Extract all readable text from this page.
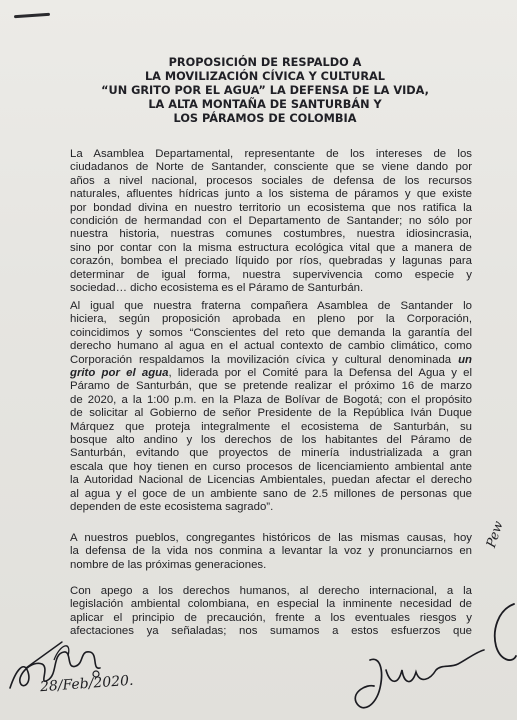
PROPOSICIÓN DE RESPALDO A
LA MOVILIZACIÓN CÍVICA Y CULTURAL
“UN GRITO POR EL AGUA” LA DEFENSA DE LA VIDA,
LA ALTA MONTAÑA DE SANTURBÁN Y
LOS PÁRAMOS DE COLOMBIA
La Asamblea Departamental, representante de los intereses de los
ciudadanos de Norte de Santander, consciente que se viene dando por
años a nivel nacional, procesos sociales de defensa de los recursos
naturales, afluentes hídricas junto a los sistema de páramos y que existe
por bondad divina en nuestro territorio un ecosistema que nos ratifica la
condición de hermandad con el Departamento de Santander; no sólo por
nuestra historia, nuestras comunes costumbres, nuestra idiosincrasia,
sino por contar con la misma estructura ecológica vital que a manera de
corazón, bombea el preciado líquido por ríos, quebradas y lagunas para
determinar de igual forma, nuestra supervivencia como especie y
sociedad… dicho ecosistema es el Páramo de Santurbán.
Al igual que nuestra fraterna compañera Asamblea de Santander lo
hiciera, según proposición aprobada en pleno por la Corporación,
coincidimos y somos “Conscientes del reto que demanda la garantía del
derecho humano al agua en el actual contexto de cambio climático, como
Corporación respaldamos la movilización cívica y cultural denominada un
grito por el agua, liderada por el Comité para la Defensa del Agua y el
Páramo de Santurbán, que se pretende realizar el próximo 16 de marzo
de 2020, a la 1:00 p.m. en la Plaza de Bolívar de Bogotá; con el propósito
de solicitar al Gobierno de señor Presidente de la República Iván Duque
Márquez que proteja integralmente el ecosistema de Santurbán, su
bosque alto andino y los derechos de los habitantes del Páramo de
Santurbán, evitando que proyectos de minería industrializada a gran
escala que hoy tienen en curso procesos de licenciamiento ambiental ante
la Autoridad Nacional de Licencias Ambientales, puedan afectar el derecho
al agua y el goce de un ambiente sano de 2.5 millones de personas que
dependen de este ecosistema sagrado”.
A nuestros pueblos, congregantes históricos de las mismas causas, hoy
la defensa de la vida nos conmina a levantar la voz y pronunciarnos en
nombre de las próximas generaciones.
Con apego a los derechos humanos, al derecho internacional, a la
legislación ambiental colombiana, en especial la inminente necesidad de
aplicar el principio de precaución, frente a los eventuales riesgos y
afectaciones ya señaladas; nos sumamos a estos esfuerzos que
28/Feb/2020.
Pew
